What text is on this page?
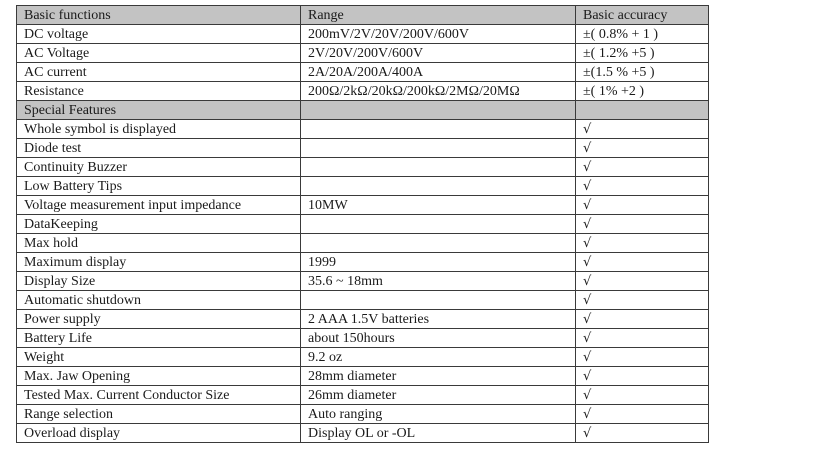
Basic functions	Range	Basic accuracy
DC voltage	200mV/2V/20V/200V/600V	±( 0.8% + 1 )
AC Voltage	2V/20V/200V/600V	±( 1.2% +5 )
AC current	2A/20A/200A/400A	±(1.5 % +5 )
Resistance	200Ω/2kΩ/20kΩ/200kΩ/2MΩ/20MΩ	±( 1% +2 )
Special Features		
Whole symbol is displayed		√
Diode test		√
Continuity Buzzer		√
Low Battery Tips		√
Voltage measurement input impedance	10MW	√
DataKeeping		√
Max hold		√
Maximum display	1999	√
Display Size	35.6 ~ 18mm	√
Automatic shutdown		√
Power supply	2 AAA 1.5V batteries	√
Battery Life	about 150hours	√
Weight	9.2 oz	√
Max. Jaw Opening	28mm diameter	√
Tested Max. Current Conductor Size	26mm diameter	√
Range selection	Auto ranging	√
Overload display	Display OL or -OL	√
